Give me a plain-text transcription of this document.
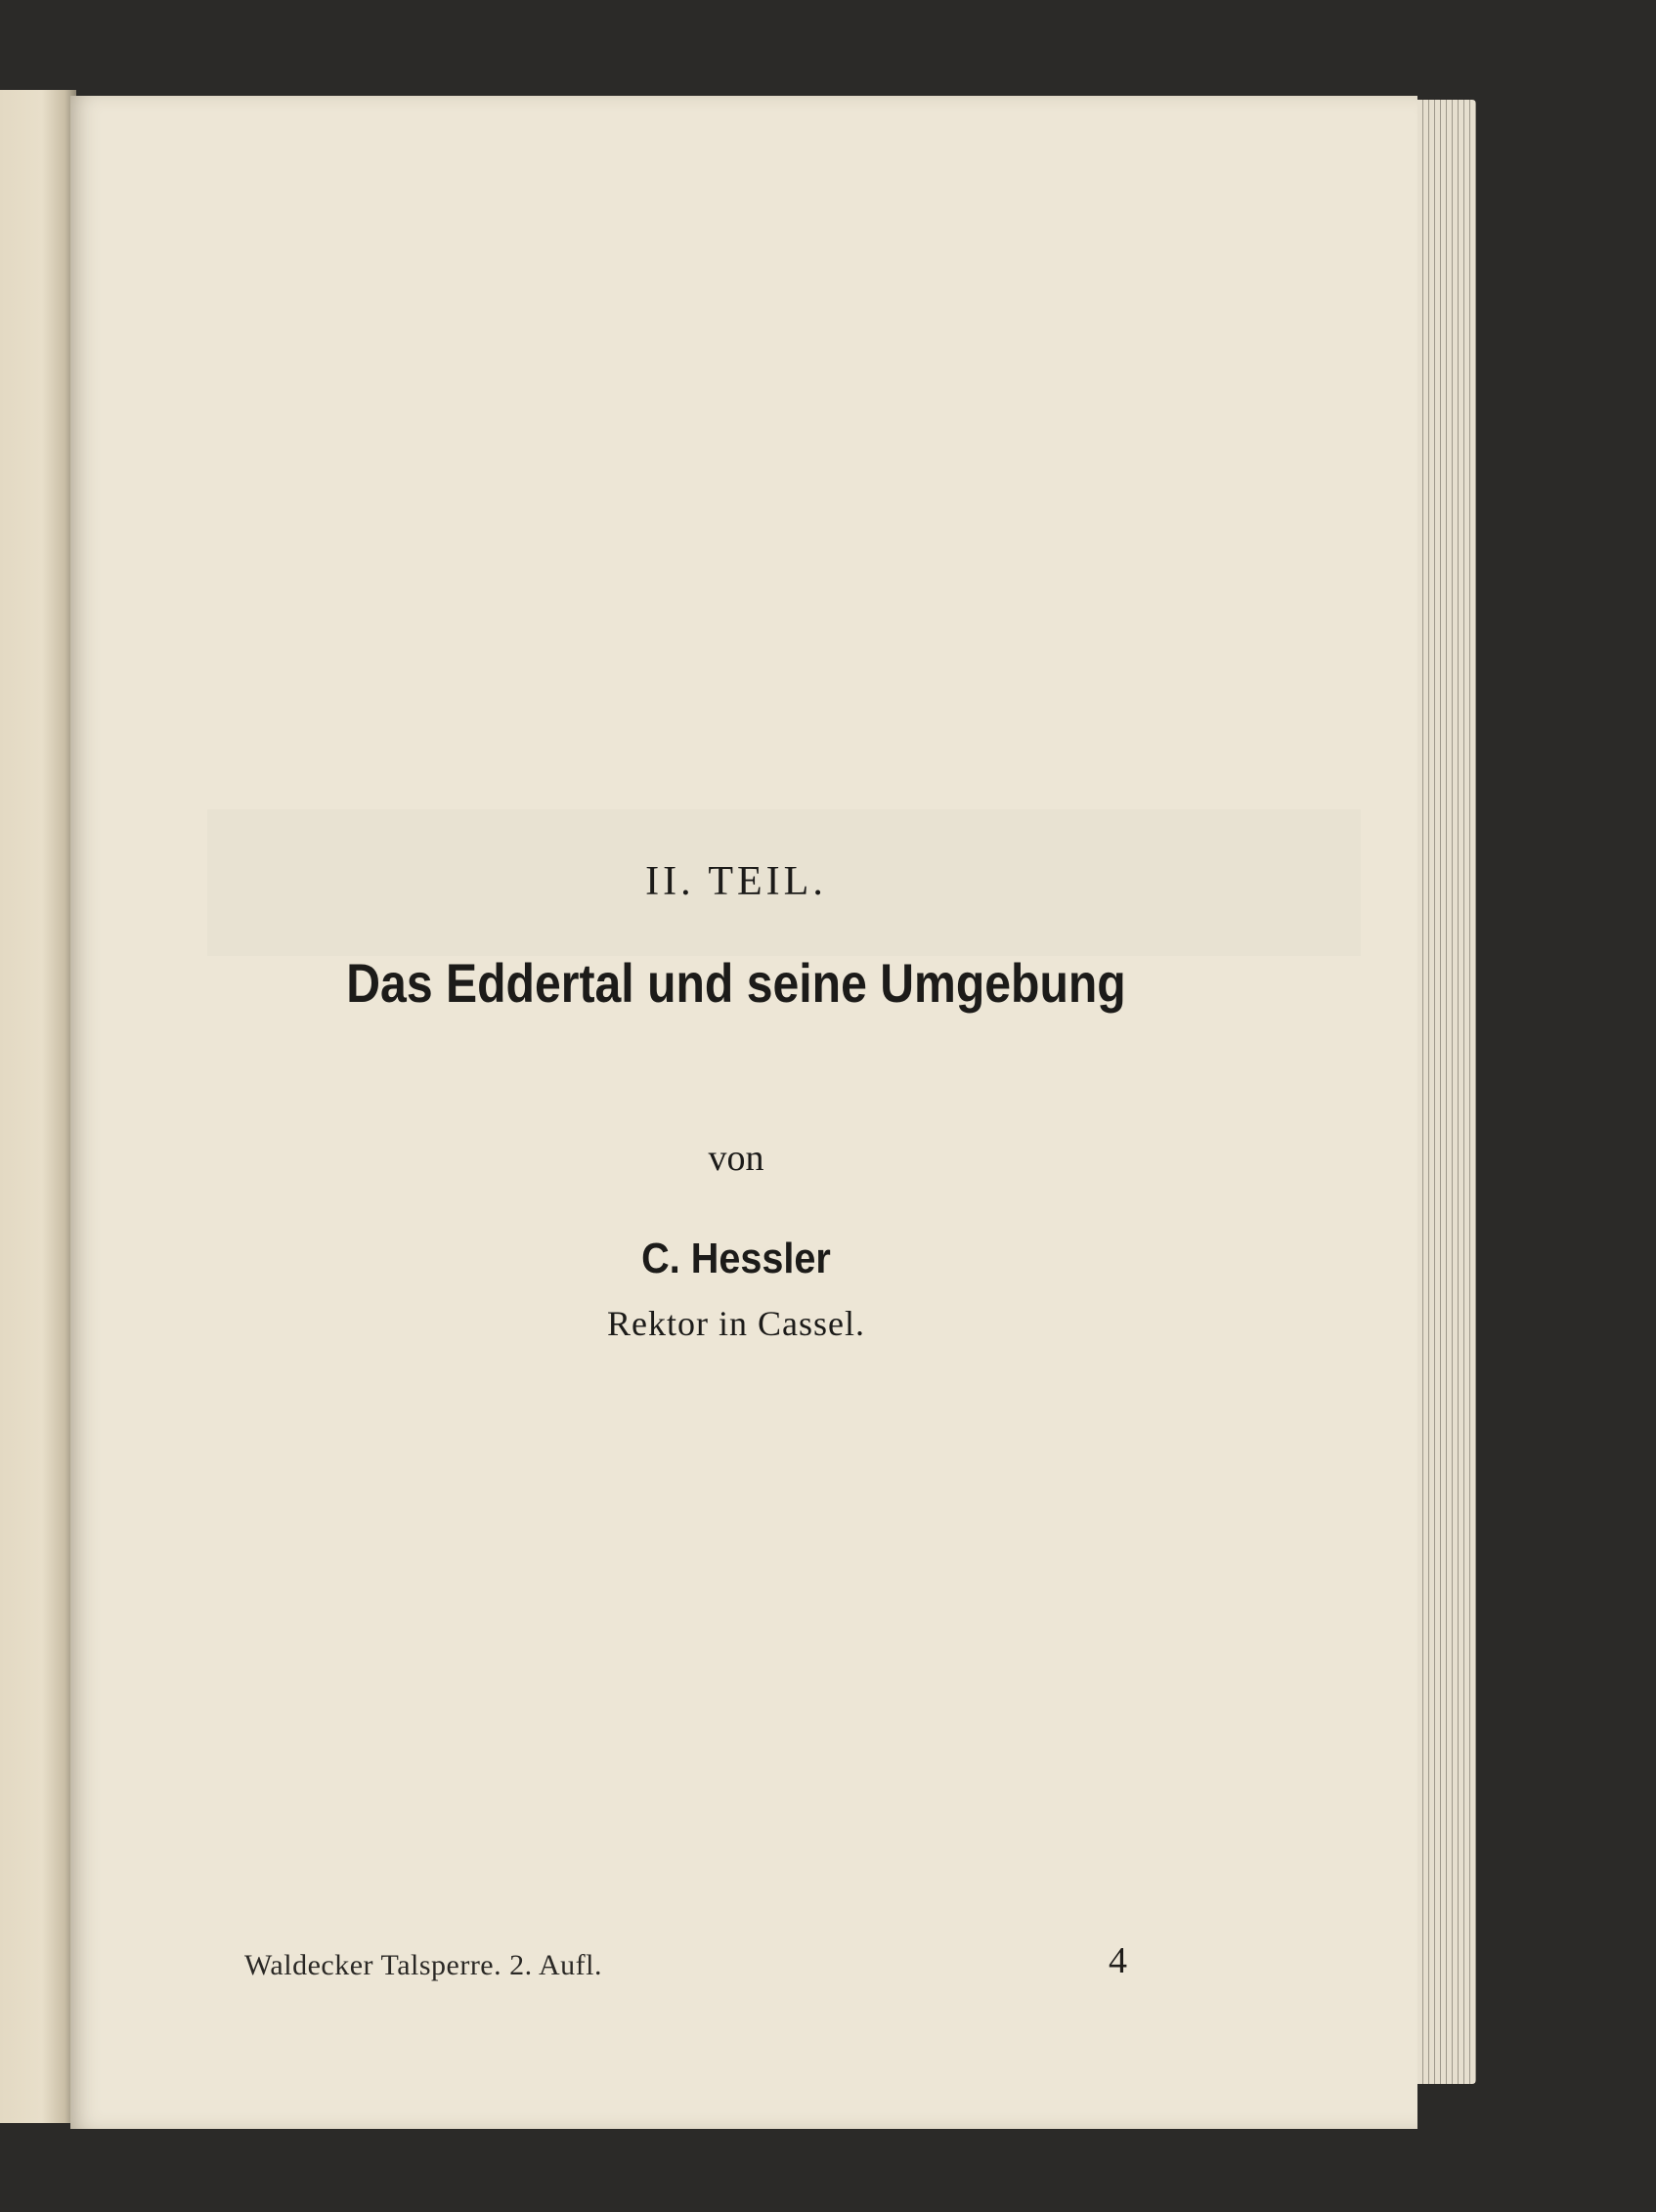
II. TEIL.
Das Eddertal und seine Umgebung
von
C. Hessler
Rektor in Cassel.
Waldecker Talsperre. 2. Aufl.	4
